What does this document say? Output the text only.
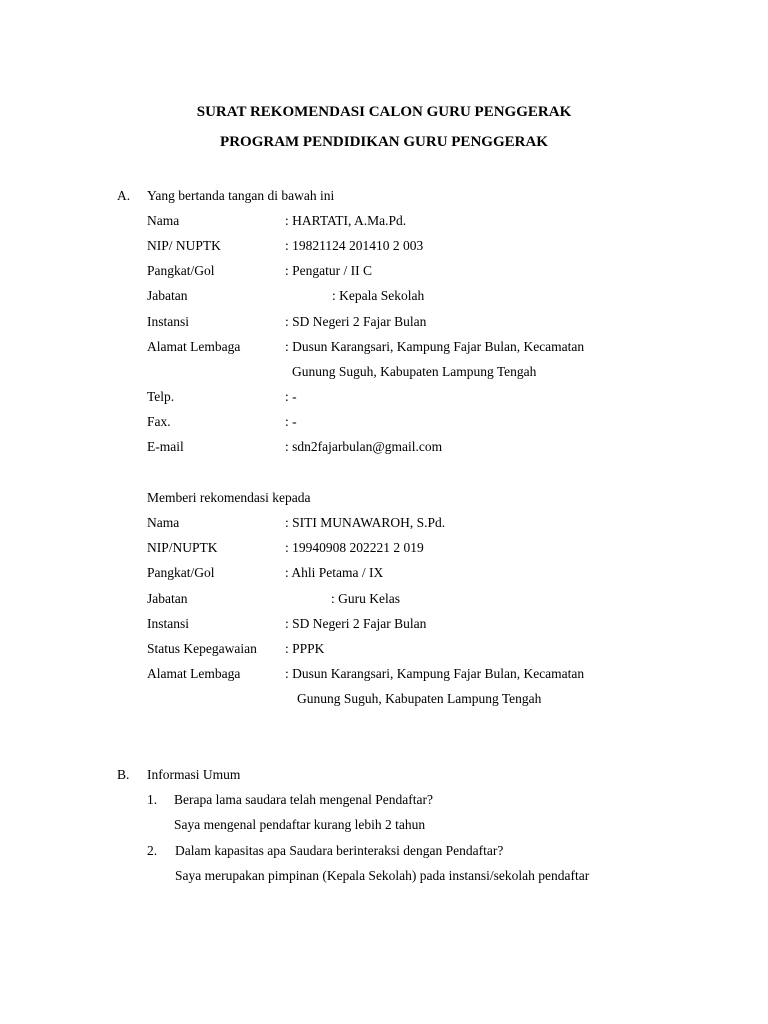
SURAT REKOMENDASI CALON GURU PENGGERAK
PROGRAM PENDIDIKAN GURU PENGGERAK
A. Yang bertanda tangan di bawah ini
Nama	: HARTATI, A.Ma.Pd.
NIP/ NUPTK	: 19821124 201410 2 003
Pangkat/Gol	: Pengatur / II C
Jabatan	: Kepala Sekolah
Instansi	: SD Negeri 2 Fajar Bulan
Alamat Lembaga	: Dusun Karangsari, Kampung Fajar Bulan, Kecamatan
Gunung Suguh, Kabupaten Lampung Tengah
Telp.	: -
Fax.	: -
E-mail	: sdn2fajarbulan@gmail.com
Memberi rekomendasi kepada
Nama	: SITI MUNAWAROH, S.Pd.
NIP/NUPTK	: 19940908 202221 2 019
Pangkat/Gol	: Ahli Petama / IX
Jabatan	: Guru Kelas
Instansi	: SD Negeri 2 Fajar Bulan
Status Kepegawaian : PPPK
Alamat Lembaga	: Dusun Karangsari, Kampung Fajar Bulan, Kecamatan
Gunung Suguh, Kabupaten Lampung Tengah
B. Informasi Umum
1. Berapa lama saudara telah mengenal Pendaftar?
Saya mengenal pendaftar kurang lebih 2 tahun
2. Dalam kapasitas apa Saudara berinteraksi dengan Pendaftar?
Saya merupakan pimpinan (Kepala Sekolah) pada instansi/sekolah pendaftar
